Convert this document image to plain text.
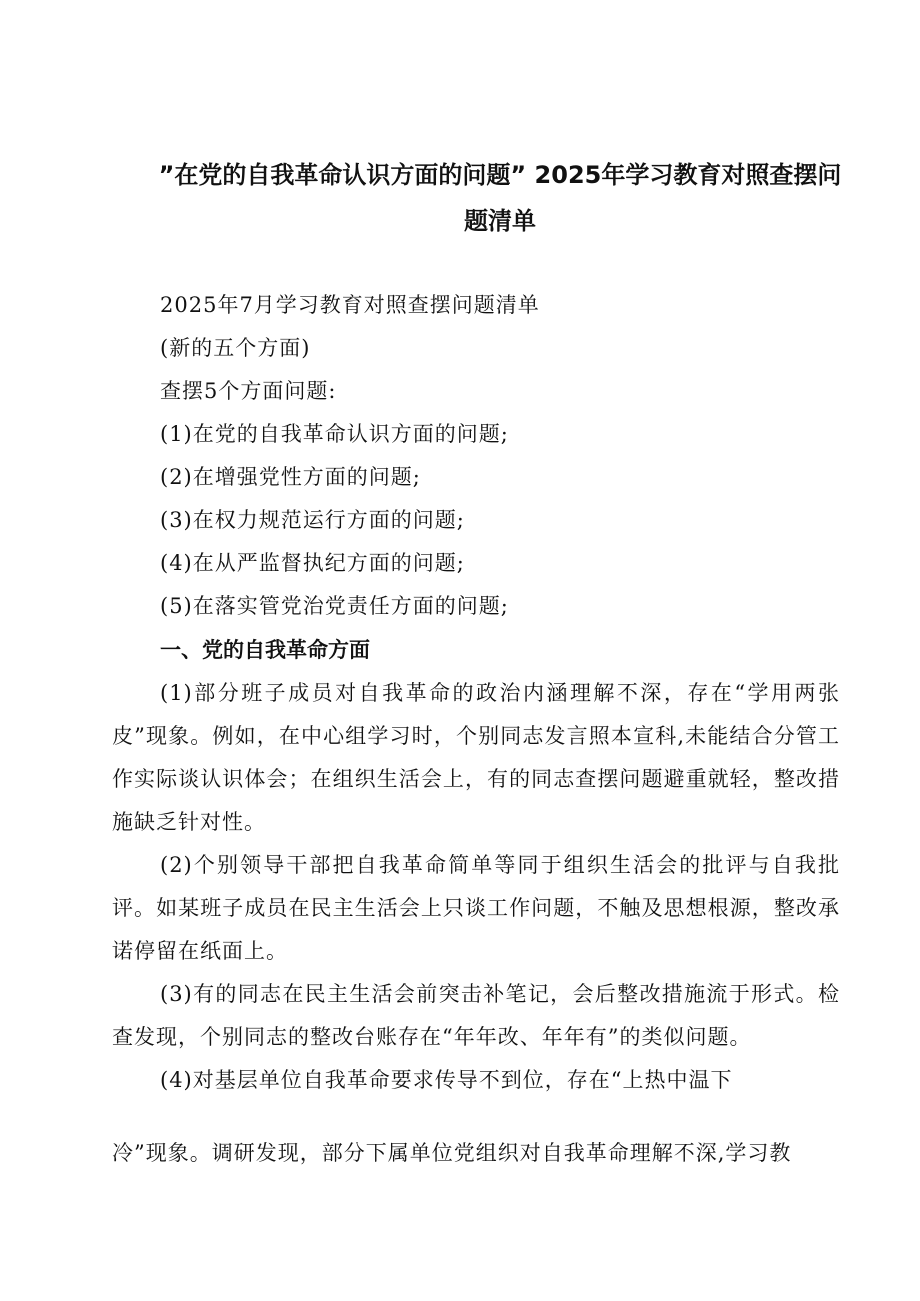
”在党的自我革命认识方面的问题” 2025年学习教育对照查摆问
题清单
2025年7月学习教育对照查摆问题清单
(新的五个方面)
查摆5个方面问题:
(1)在党的自我革命认识方面的问题;
(2)在增强党性方面的问题;
(3)在权力规范运行方面的问题;
(4)在从严监督执纪方面的问题;
(5)在落实管党治党责任方面的问题;
一、党的自我革命方面
(1)部分班子成员对自我革命的政治内涵理解不深，存在“学用两张皮”现象。例如，在中心组学习时，个别同志发言照本宣科,未能结合分管工作实际谈认识体会；在组织生活会上，有的同志查摆问题避重就轻，整改措施缺乏针对性。
(2)个别领导干部把自我革命简单等同于组织生活会的批评与自我批评。如某班子成员在民主生活会上只谈工作问题，不触及思想根源，整改承诺停留在纸面上。
(3)有的同志在民主生活会前突击补笔记，会后整改措施流于形式。检查发现，个别同志的整改台账存在“年年改、年年有”的类似问题。
(4)对基层单位自我革命要求传导不到位，存在“上热中温下
冷”现象。调研发现，部分下属单位党组织对自我革命理解不深,学习教
